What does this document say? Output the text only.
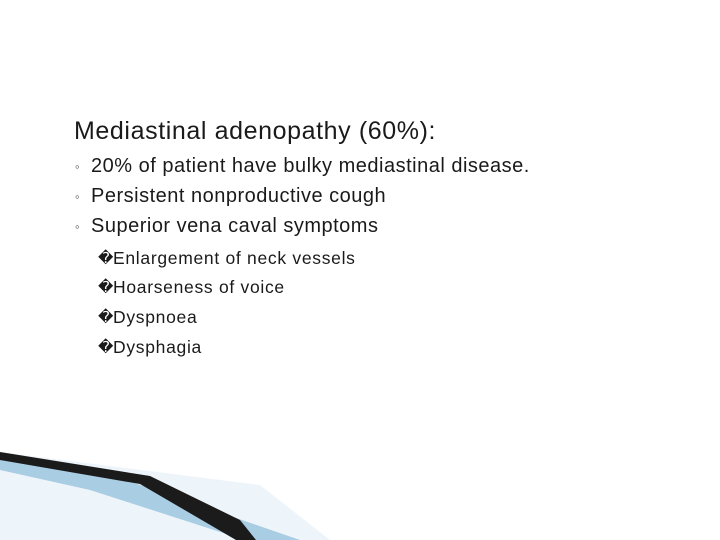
Mediastinal adenopathy (60%):
◦ 20% of patient have bulky mediastinal disease.
◦ Persistent nonproductive cough
◦ Superior vena caval symptoms
�
Enlargement of neck vessels
�
Hoarseness of voice
�
Dyspnoea
�
Dysphagia
